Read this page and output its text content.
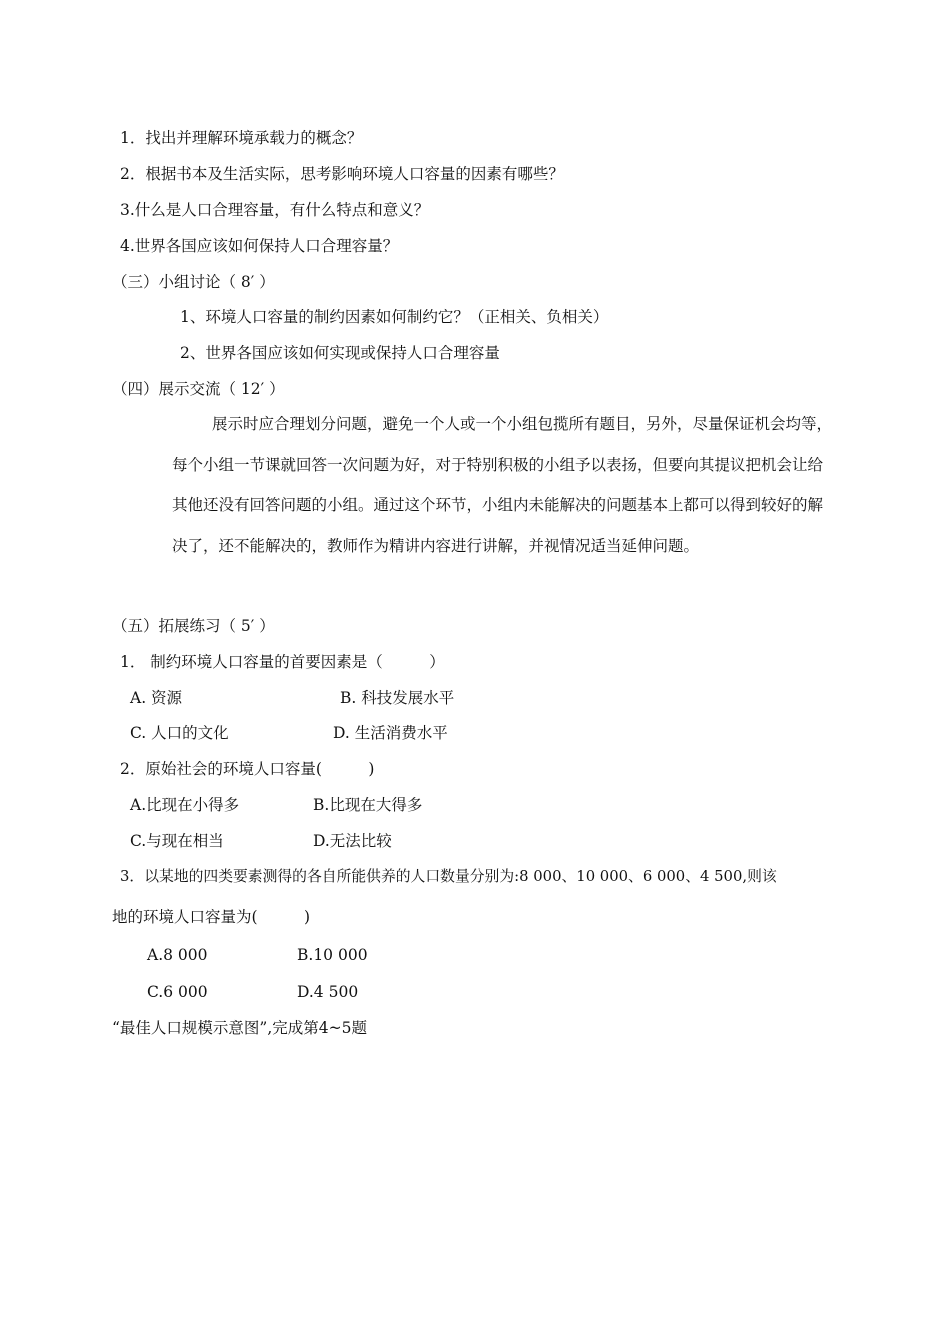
1．找出并理解环境承载力的概念？
2．根据书本及生活实际，思考影响环境人口容量的因素有哪些？
3.什么是人口合理容量，有什么特点和意义？
4.世界各国应该如何保持人口合理容量？
（三）小组讨论（ 8′ ）
1、环境人口容量的制约因素如何制约它？（正相关、负相关）
2、世界各国应该如何实现或保持人口合理容量
（四）展示交流（ 12′ ）
展示时应合理划分问题，避免一个人或一个小组包揽所有题目，另外，尽量保证机会均等，每个小组一节课就回答一次问题为好，对于特别积极的小组予以表扬，但要向其提议把机会让给其他还没有回答问题的小组。通过这个环节，小组内未能解决的问题基本上都可以得到较好的解决了，还不能解决的，教师作为精讲内容进行讲解，并视情况适当延伸问题。
（五）拓展练习（ 5′ ）
1． 制约环境人口容量的首要因素是（　　　）
A. 资源	B. 科技发展水平
C. 人口的文化	D. 生活消费水平
2．原始社会的环境人口容量(　　　)
A.比现在小得多	B.比现在大得多
C.与现在相当	D.无法比较
3．以某地的四类要素测得的各自所能供养的人口数量分别为:8 000、10 000、6 000、4 500,则该
地的环境人口容量为(　　　)
A.8 000	B.10 000
C.6 000	D.4 500
“最佳人口规模示意图”,完成第4~5题
